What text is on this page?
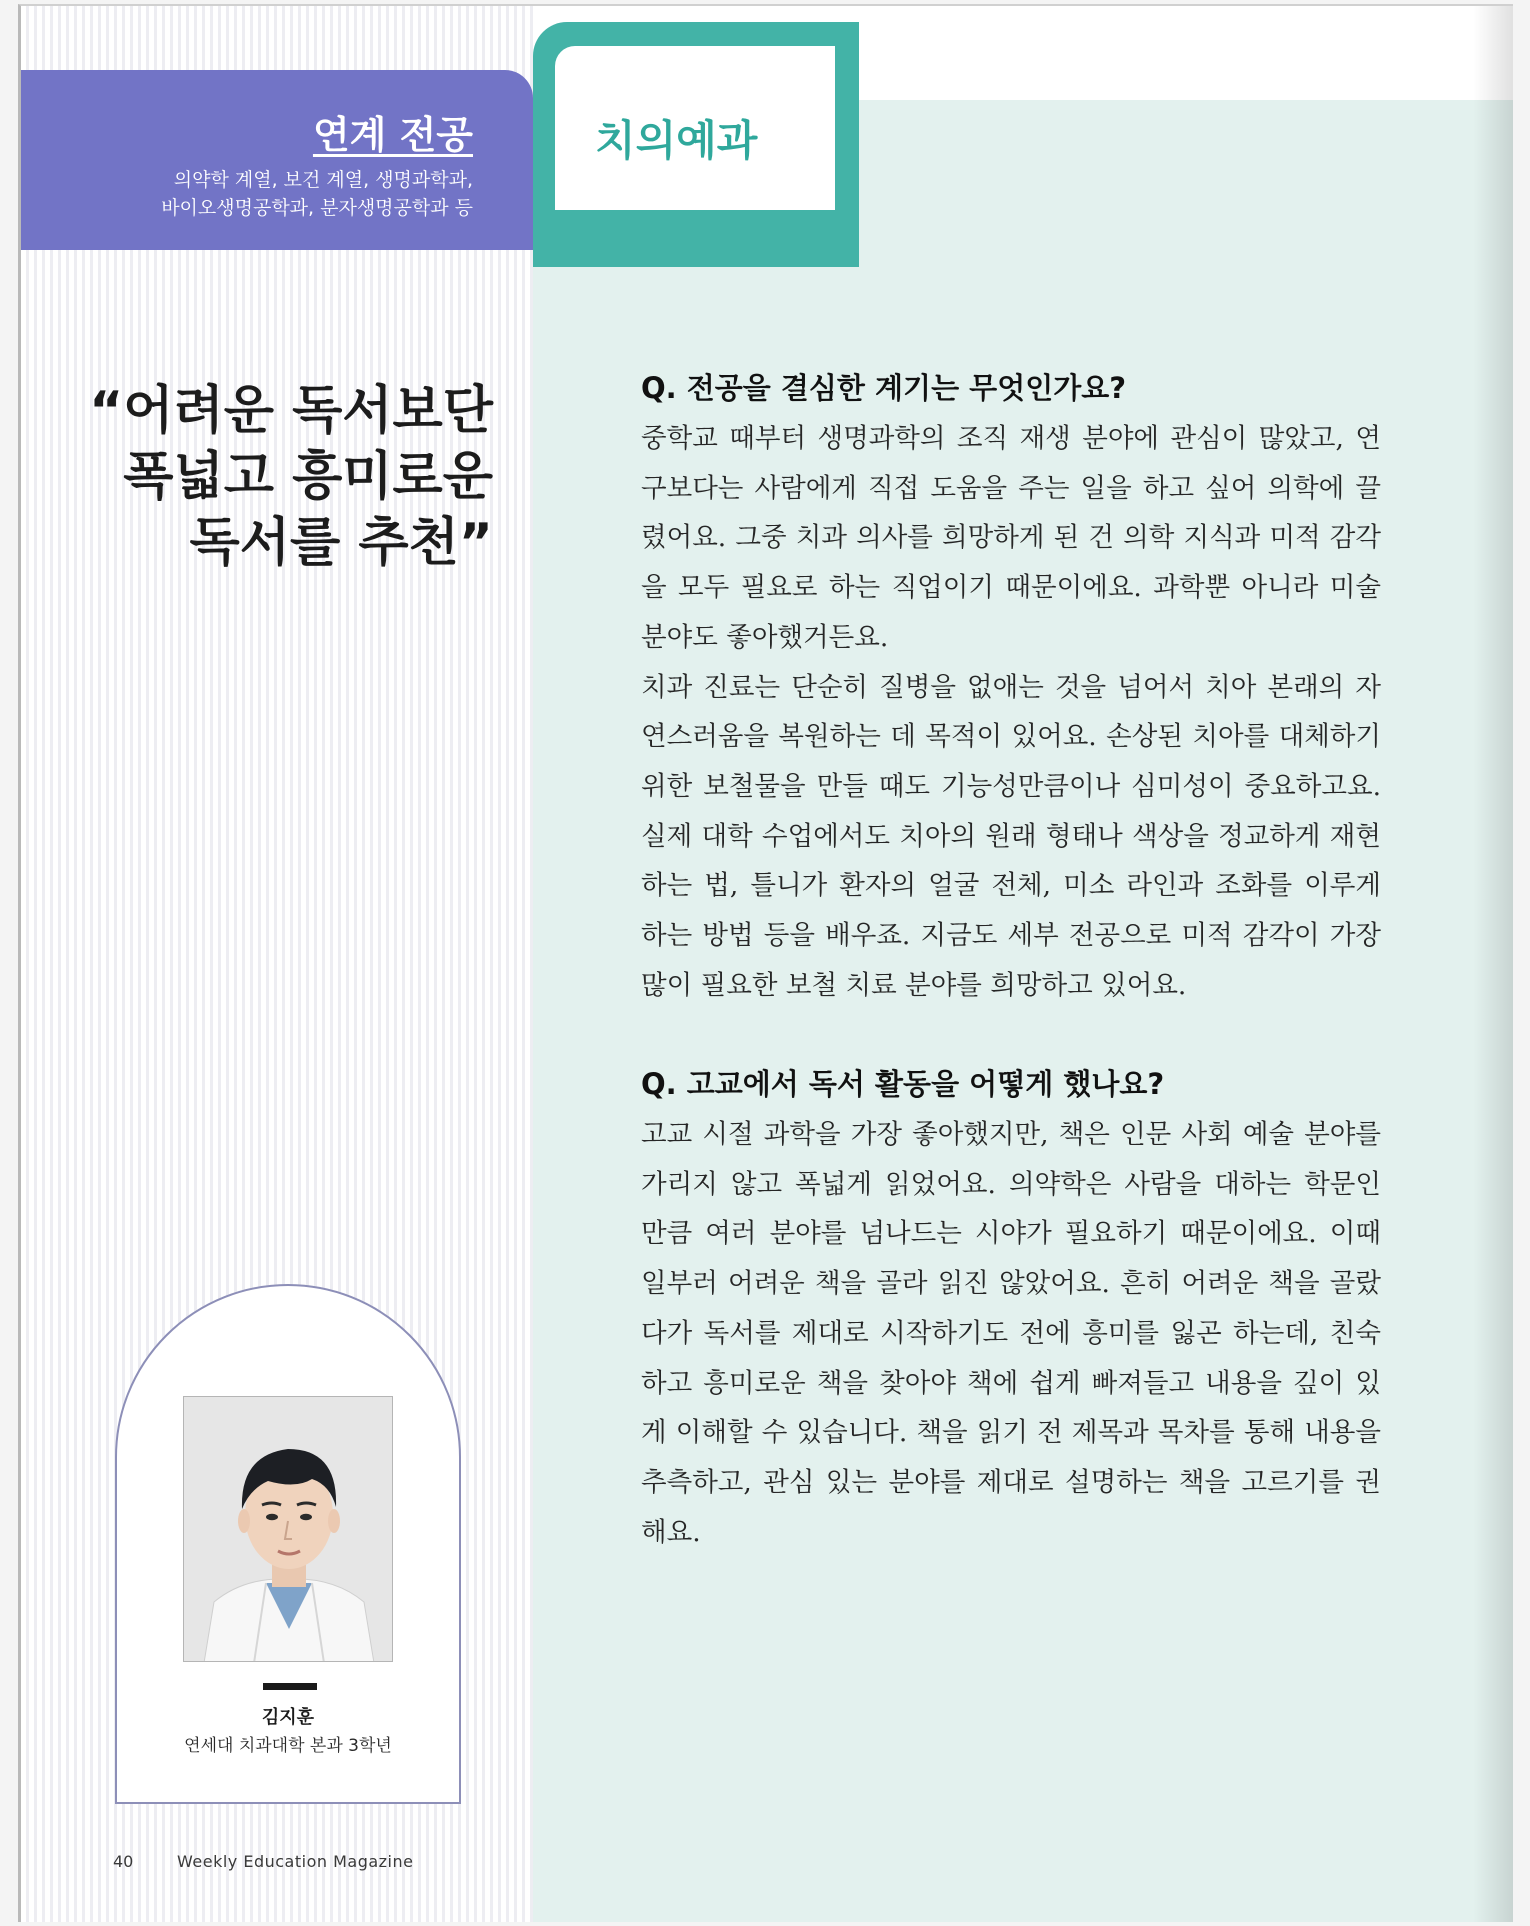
연계 전공
의약학 계열, 보건 계열, 생명과학과,
바이오생명공학과, 분자생명공학과 등
“어려운 독서보단
폭넓고 흥미로운
독서를 추천”
김지훈
연세대 치과대학 본과 3학년
40	Weekly Education Magazine
치의예과
Q. 전공을 결심한 계기는 무엇인가요?

중학교 때부터 생명과학의 조직 재생 분야에 관심이 많았고, 연구보다는 사람에게 직접 도움을 주는 일을 하고 싶어 의학에 끌렸어요. 그중 치과 의사를 희망하게 된 건 의학 지식과 미적 감각을 모두 필요로 하는 직업이기 때문이에요. 과학뿐 아니라 미술 분야도 좋아했거든요.

치과 진료는 단순히 질병을 없애는 것을 넘어서 치아 본래의 자연스러움을 복원하는 데 목적이 있어요. 손상된 치아를 대체하기 위한 보철물을 만들 때도 기능성만큼이나 심미성이 중요하고요. 실제 대학 수업에서도 치아의 원래 형태나 색상을 정교하게 재현하는 법, 틀니가 환자의 얼굴 전체, 미소 라인과 조화를 이루게 하는 방법 등을 배우죠. 지금도 세부 전공으로 미적 감각이 가장 많이 필요한 보철 치료 분야를 희망하고 있어요.

Q. 고교에서 독서 활동을 어떻게 했나요?

고교 시절 과학을 가장 좋아했지만, 책은 인문 사회 예술 분야를 가리지 않고 폭넓게 읽었어요. 의약학은 사람을 대하는 학문인 만큼 여러 분야를 넘나드는 시야가 필요하기 때문이에요. 이때 일부러 어려운 책을 골라 읽진 않았어요. 흔히 어려운 책을 골랐다가 독서를 제대로 시작하기도 전에 흥미를 잃곤 하는데, 친숙하고 흥미로운 책을 찾아야 책에 쉽게 빠져들고 내용을 깊이 있게 이해할 수 있습니다. 책을 읽기 전 제목과 목차를 통해 내용을 추측하고, 관심 있는 분야를 제대로 설명하는 책을 고르기를 권해요.
